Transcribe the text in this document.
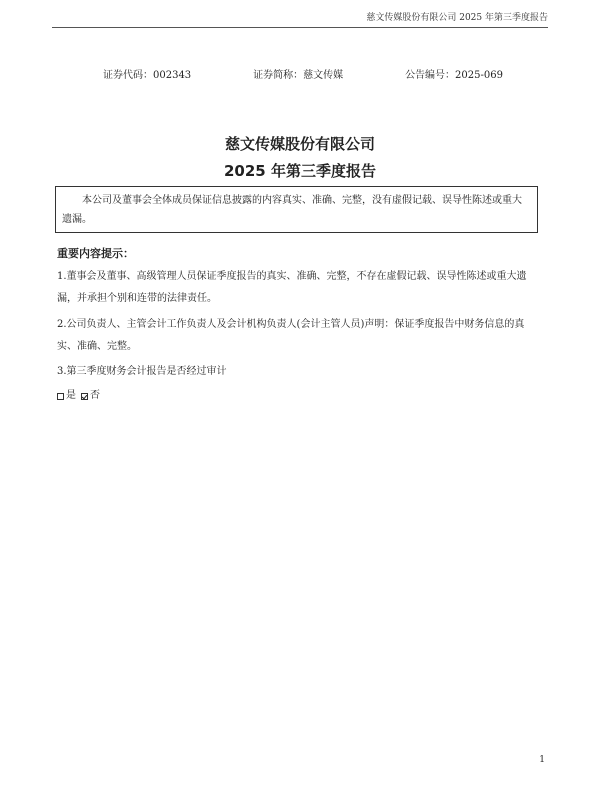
慈文传媒股份有限公司 2025 年第三季度报告
证券代码：002343	证券简称：慈文传媒	公告编号：2025-069
慈文传媒股份有限公司
2025 年第三季度报告
本公司及董事会全体成员保证信息披露的内容真实、准确、完整，没有虚假记载、误导性陈述或重大遗漏。
重要内容提示：
1.董事会及董事、高级管理人员保证季度报告的真实、准确、完整，不存在虚假记载、误导性陈述或重大遗漏，并承担个别和连带的法律责任。
2.公司负责人、主管会计工作负责人及会计机构负责人(会计主管人员)声明：保证季度报告中财务信息的真实、准确、完整。
3.第三季度财务会计报告是否经过审计
是 否
1
